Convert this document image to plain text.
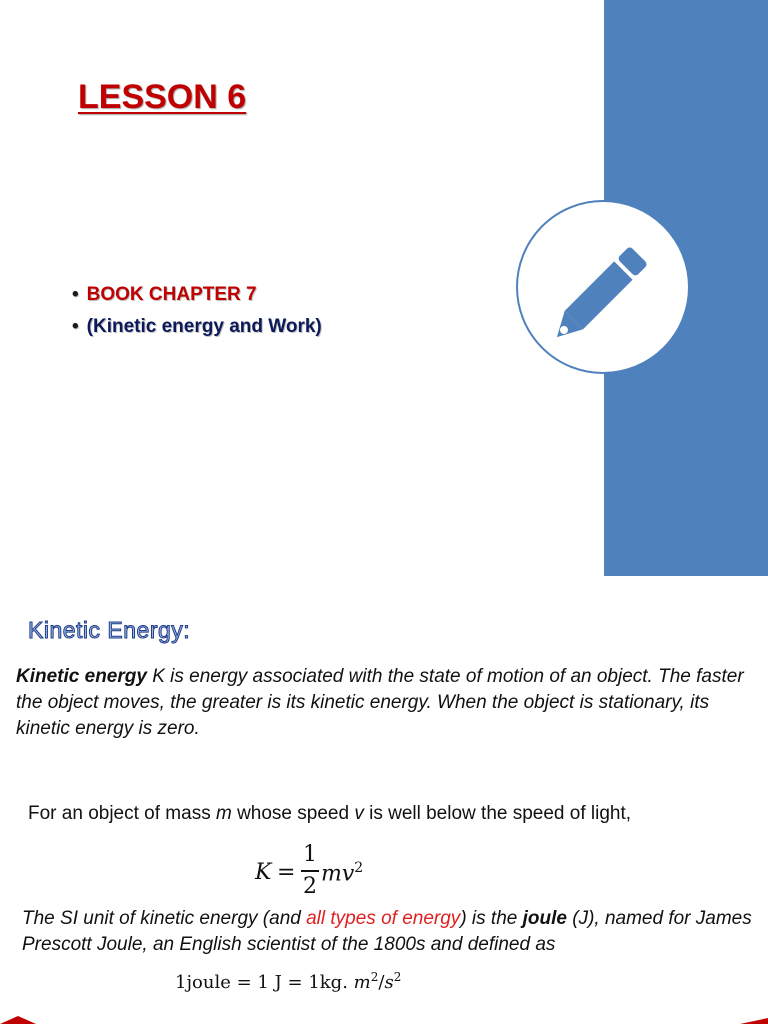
LESSON 6
• BOOK CHAPTER 7
• (Kinetic energy and Work)
Kinetic Energy:
Kinetic energy K is energy associated with the state of motion of an object. The faster the object moves, the greater is its kinetic energy. When the object is stationary, its kinetic energy is zero.
For an object of mass m whose speed v is well below the speed of light,
K =
1
2 $mv^2$
The SI unit of kinetic energy (and all types of energy) is the joule (J), named for James Prescott Joule, an English scientist of the 1800s and defined as
1joule = 1 J = 1kg. $m^2/s^2$
